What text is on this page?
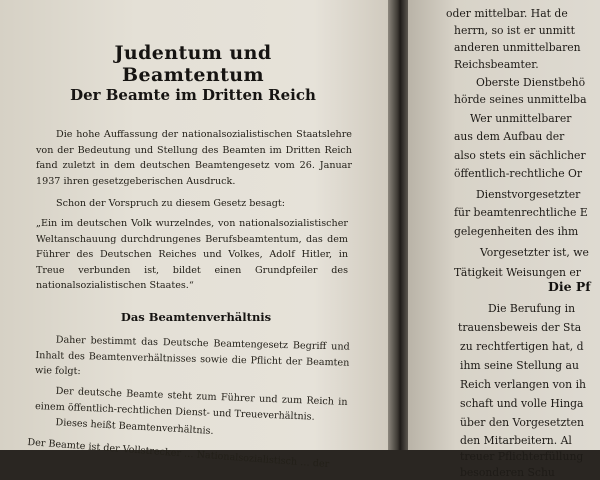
Judentum und Beamtentum
Der Beamte im Dritten Reich
Die hohe Auffassung der nationalsozialistischen Staatslehre von der Bedeutung und Stellung des Beamten im Dritten Reich fand zuletzt in dem deutschen Beamtengesetz vom 26. Januar 1937 ihren gesetzgeberischen Ausdruck.
Schon der Vorspruch zu diesem Gesetz besagt:
„Ein im deutschen Volk wurzelndes, von nationalsozialistischer Weltanschauung durchdrungenes Berufsbeamtentum, das dem Führer des Deutschen Reiches und Volkes, Adolf Hitler, in Treue verbunden ist, bildet einen Grundpfeiler des nationalsozialistischen Staates.“
Das Beamtenverhältnis
Daher bestimmt das Deutsche Beamtengesetz Begriff und Inhalt des Beamtenverhältnisses sowie die Pflicht der Beamten wie folgt:
Der deutsche Beamte steht zum Führer und zum Reich in einem öffentlich-rechtlichen Dienst- und Treueverhältnis.
Dieses heißt Beamtenverhältnis.
Der Beamte ist der Vollstrecker … Nationalsozialistisch … der
oder mittelbar. Hat de
herrn, so ist er unmitt
anderen unmittelbaren
Reichsbeamter.
Oberste Dienstbehö
hörde seines unmittelba
Wer unmittelbarer
aus dem Aufbau der
also stets ein sächlicher
öffentlich-rechtliche Or
Dienstvorgesetzter
für beamtenrechtliche E
gelegenheiten des ihm
Vorgesetzter ist, we
Tätigkeit Weisungen er
Die Pf
Die Berufung in
trauensbeweis der Sta
zu rechtfertigen hat, d
ihm seine Stellung au
Reich verlangen von ih
schaft und volle Hinga
über den Vorgesetzten
den Mitarbeitern. Al
treuer Pflichterfüllung
besonderen Schu
